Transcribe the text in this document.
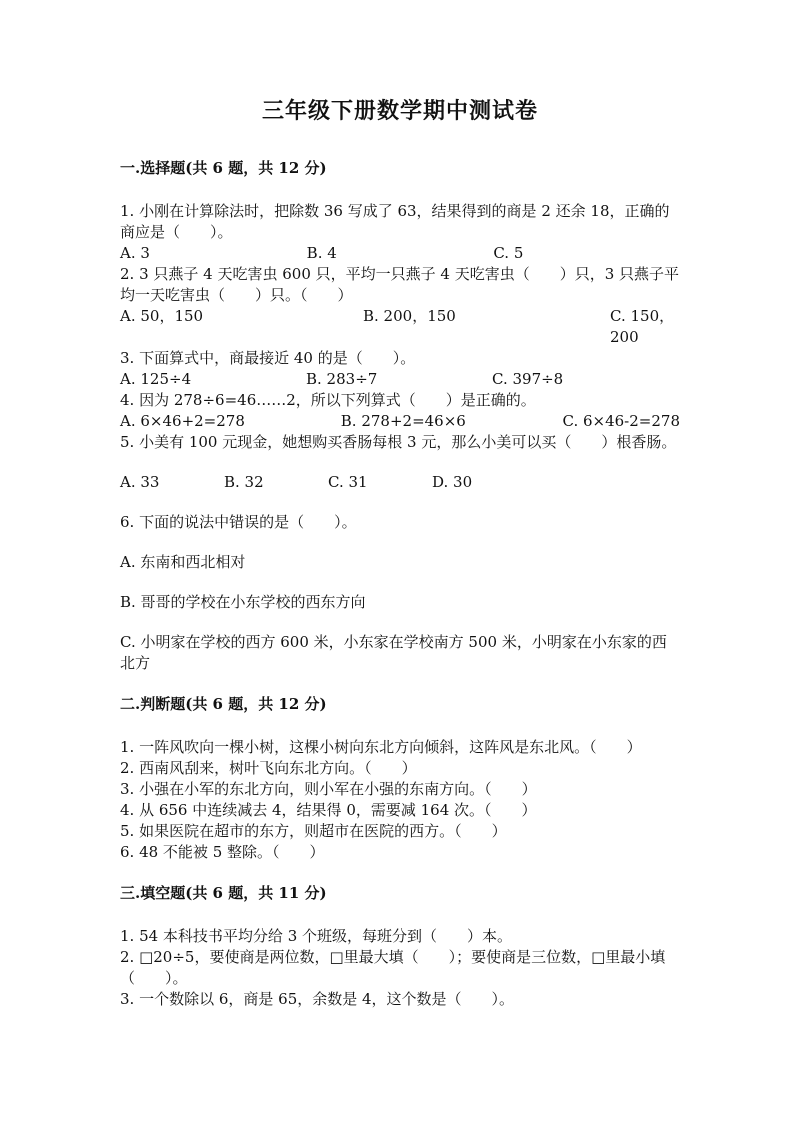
三年级下册数学期中测试卷
一.选择题(共 6 题，共 12 分)

1. 小刚在计算除法时，把除数 36 写成了 63，结果得到的商是 2 还余 18，正确的商应是（　　）。

A. 3	B. 4	C. 5

2. 3 只燕子 4 天吃害虫 600 只，平均一只燕子 4 天吃害虫（　　）只，3 只燕子平均一天吃害虫（　　）只。（　　）

A. 50，150	B. 200，150	C. 150，200

3. 下面算式中，商最接近 40 的是（　　）。

A. 125÷4	B. 283÷7	C. 397÷8

4. 因为 278÷6=46……2，所以下列算式（　　）是正确的。

A. 6×46+2=278	B. 278+2=46×6	C. 6×46-2=278

5. 小美有 100 元现金，她想购买香肠每根 3 元，那么小美可以买（　　）根香肠。

A. 33	B. 32	C. 31	D. 30

6. 下面的说法中错误的是（　　）。

A. 东南和西北相对

B. 哥哥的学校在小东学校的西东方向

C. 小明家在学校的西方 600 米，小东家在学校南方 500 米，小明家在小东家的西北方

二.判断题(共 6 题，共 12 分)

1. 一阵风吹向一棵小树，这棵小树向东北方向倾斜，这阵风是东北风。（　　）

2. 西南风刮来，树叶飞向东北方向。（　　）

3. 小强在小军的东北方向，则小军在小强的东南方向。（　　）

4. 从 656 中连续减去 4，结果得 0，需要减 164 次。（　　）

5. 如果医院在超市的东方，则超市在医院的西方。（　　）

6. 48 不能被 5 整除。（　　）

三.填空题(共 6 题，共 11 分)

1. 54 本科技书平均分给 3 个班级，每班分到（　　）本。

2. □20÷5，要使商是两位数，□里最大填（　　）；要使商是三位数，□里最小填（　　）。

3. 一个数除以 6，商是 65，余数是 4，这个数是（　　）。
